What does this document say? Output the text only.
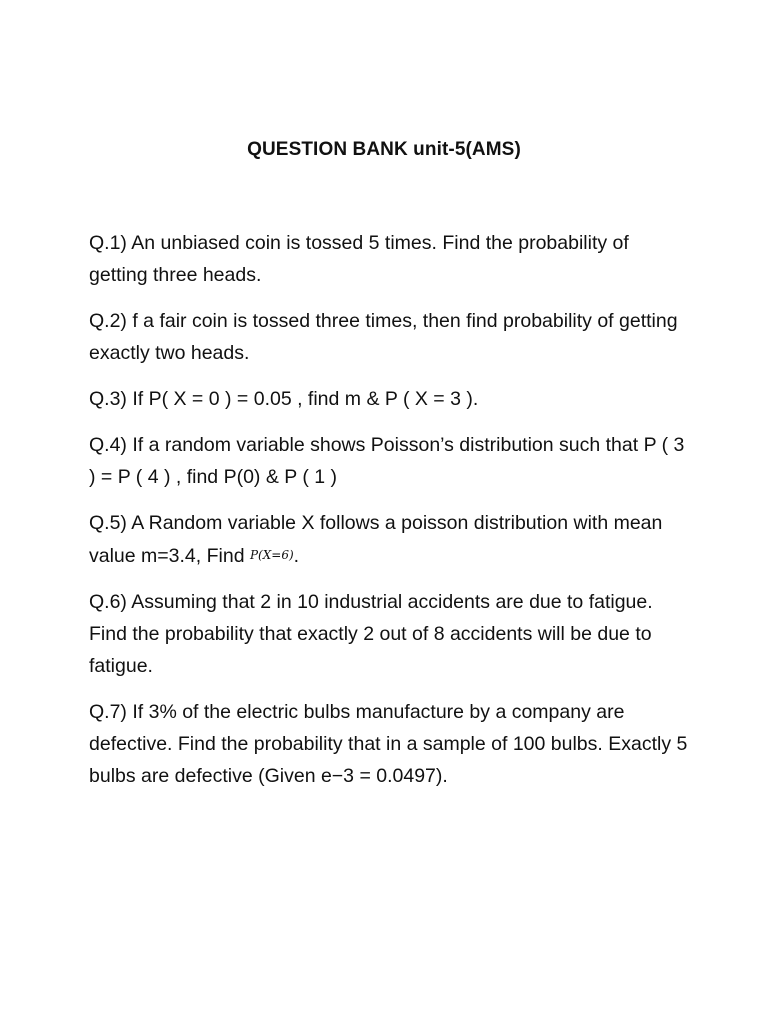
QUESTION BANK unit-5(AMS)

Q.1) An unbiased coin is tossed 5 times. Find the probability of getting three heads.

Q.2) f a fair coin is tossed three times, then find probability of getting exactly two heads.

Q.3) If P( X = 0 ) = 0.05 , find m & P ( X = 3 ).

Q.4) If a random variable shows Poisson’s distribution such that P ( 3 ) = P ( 4 ) , find P(0) & P ( 1 )

Q.5) A Random variable X follows a poisson distribution with mean value m=3.4, Find P(X=6).

Q.6) Assuming that 2 in 10 industrial accidents are due to fatigue. Find the probability that exactly 2 out of 8 accidents will be due to fatigue.

Q.7) If 3% of the electric bulbs manufacture by a company are defective. Find the probability that in a sample of 100 bulbs. Exactly 5 bulbs are defective (Given e−3 = 0.0497).
